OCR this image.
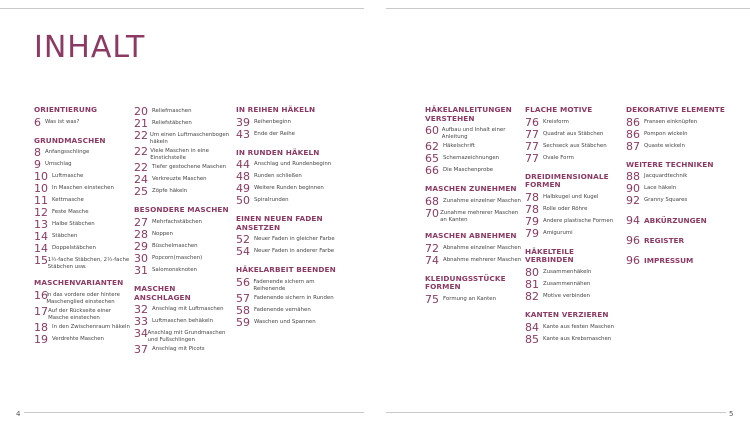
INHALT
ORIENTIERUNG
6 Was ist was?
GRUNDMASCHEN
8 Anfangsschlinge
9 Umschlag
10 Luftmasche
10 In Maschen einstechen
11 Kettmasche
12 Feste Masche
13 Halbe Stäbchen
14 Stäbchen
14 Doppelstäbchen
15 1½-fache Stäbchen, 2½-fache Stäbchen usw.
MASCHENVARIANTEN
16
In das vordere oder hintere Maschenglied einstechen
17 Auf der Rückseite einer Masche einstechen
18 In den Zwischenraum häkeln
19 Verdrehte Maschen
20 Reliefmaschen
21 Reliefstäbchen
22 Um einen Luftmaschenbogen häkeln
22 Viele Maschen in eine Einstichstelle
22 Tiefer gestochene Maschen
24 Verkreuzte Maschen
25 Zöpfe häkeln
BESONDERE MASCHEN
27 Mehrfachstäbchen
28 Noppen
29 Büschelmaschen
30 Popcorn(maschen)
31 Salomonsknoten
MASCHEN ANSCHLAGEN
32 Anschlag mit Luftmaschen
33 Luftmaschen behäkeln
34 Anschlag mit Grundmaschen und Fußschlingen
37 Anschlag mit Picots
IN REIHEN HÄKELN
39 Reihenbeginn
43 Ende der Reihe
IN RUNDEN HÄKELN
44 Anschlag und Rundenbeginn
48 Runden schließen
49 Weitere Runden beginnen
50 Spiralrunden
EINEN NEUEN FADEN ANSETZEN
52 Neuer Faden in gleicher Farbe
54 Neuer Faden in anderer Farbe
HÄKELARBEIT BEENDEN
56 Fadenende sichern am Reihenende
57 Fadenende sichern in Runden
58 Fadenende vernähen
59 Waschen und Spannen
4
HÄKELANLEITUNGEN VERSTEHEN
60 Aufbau und Inhalt einer Anleitung
62 Häkelschrift
65 Schemazeichnungen
66 Die Maschenprobe
MASCHEN ZUNEHMEN
68 Zunahme einzelner Maschen
70 Zunahme mehrerer Maschen an Kanten
MASCHEN ABNEHMEN
72 Abnahme einzelner Maschen
74 Abnahme mehrerer Maschen
KLEIDUNGSSTÜCKE FORMEN
75 Formung an Kanten
FLACHE MOTIVE
76 Kreisform
77 Quadrat aus Stäbchen
77 Sechseck aus Stäbchen
77 Ovale Form
DREIDIMENSIONALE FORMEN
78 Halbkugel und Kugel
78 Rolle oder Röhre
79 Andere plastische Formen
79 Amigurumi
HÄKELTEILE VERBINDEN
80 Zusammenhäkeln
81 Zusammennähen
82 Motive verbinden
KANTEN VERZIEREN
84 Kante aus festen Maschen
85 Kante aus Krebsmaschen
DEKORATIVE ELEMENTE
86 Fransen einknüpfen
86 Pompon wickeln
87 Quaste wickeln
WEITERE TECHNIKEN
88 Jacquardtechnik
90 Lace häkeln
92 Granny Squares
94 ABKÜRZUNGEN
96 REGISTER
96 IMPRESSUM
5
